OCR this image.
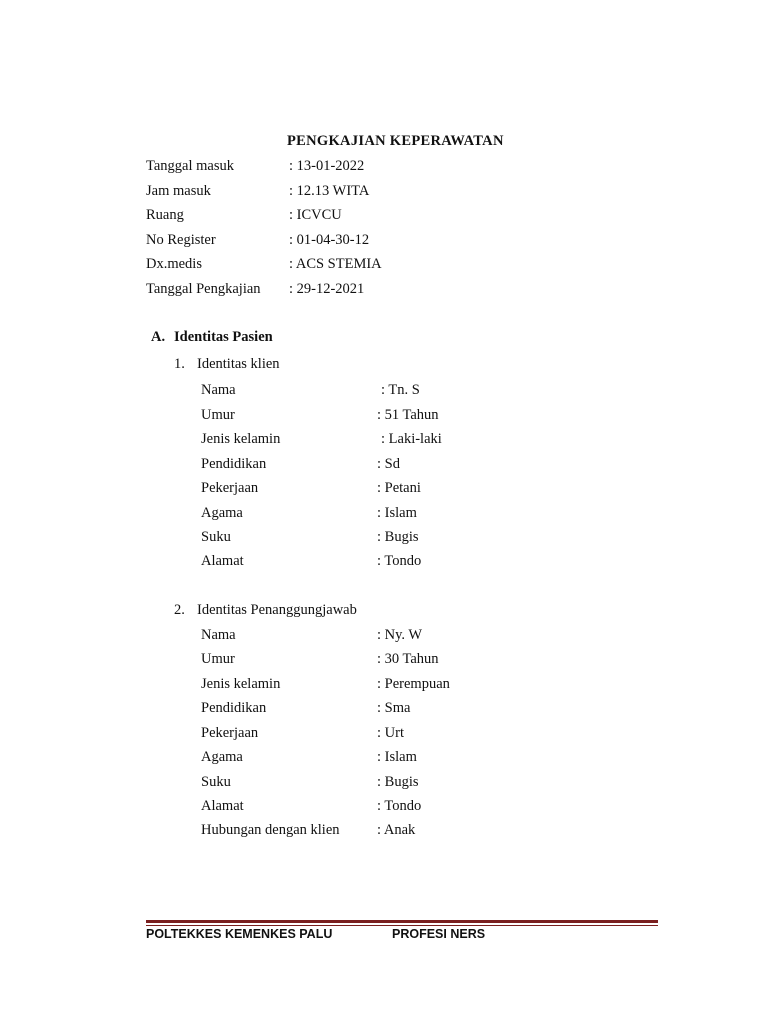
PENGKAJIAN KEPERAWATAN
Tanggal masuk	: 13-01-2022
Jam masuk	: 12.13 WITA
Ruang	: ICVCU
No Register	: 01-04-30-12
Dx.medis	: ACS STEMIA
Tanggal Pengkajian : 29-12-2021
A. Identitas Pasien
1. Identitas klien
Nama	: Tn. S
Umur	: 51 Tahun
Jenis kelamin	: Laki-laki
Pendidikan	: Sd
Pekerjaan	: Petani
Agama	: Islam
Suku	: Bugis
Alamat	: Tondo
2. Identitas Penanggungjawab
Nama	: Ny. W
Umur	: 30 Tahun
Jenis kelamin	: Perempuan
Pendidikan	: Sma
Pekerjaan	: Urt
Agama	: Islam
Suku	: Bugis
Alamat	: Tondo
Hubungan dengan klien	: Anak
POLTEKKES KEMENKES PALU	PROFESI NERS
